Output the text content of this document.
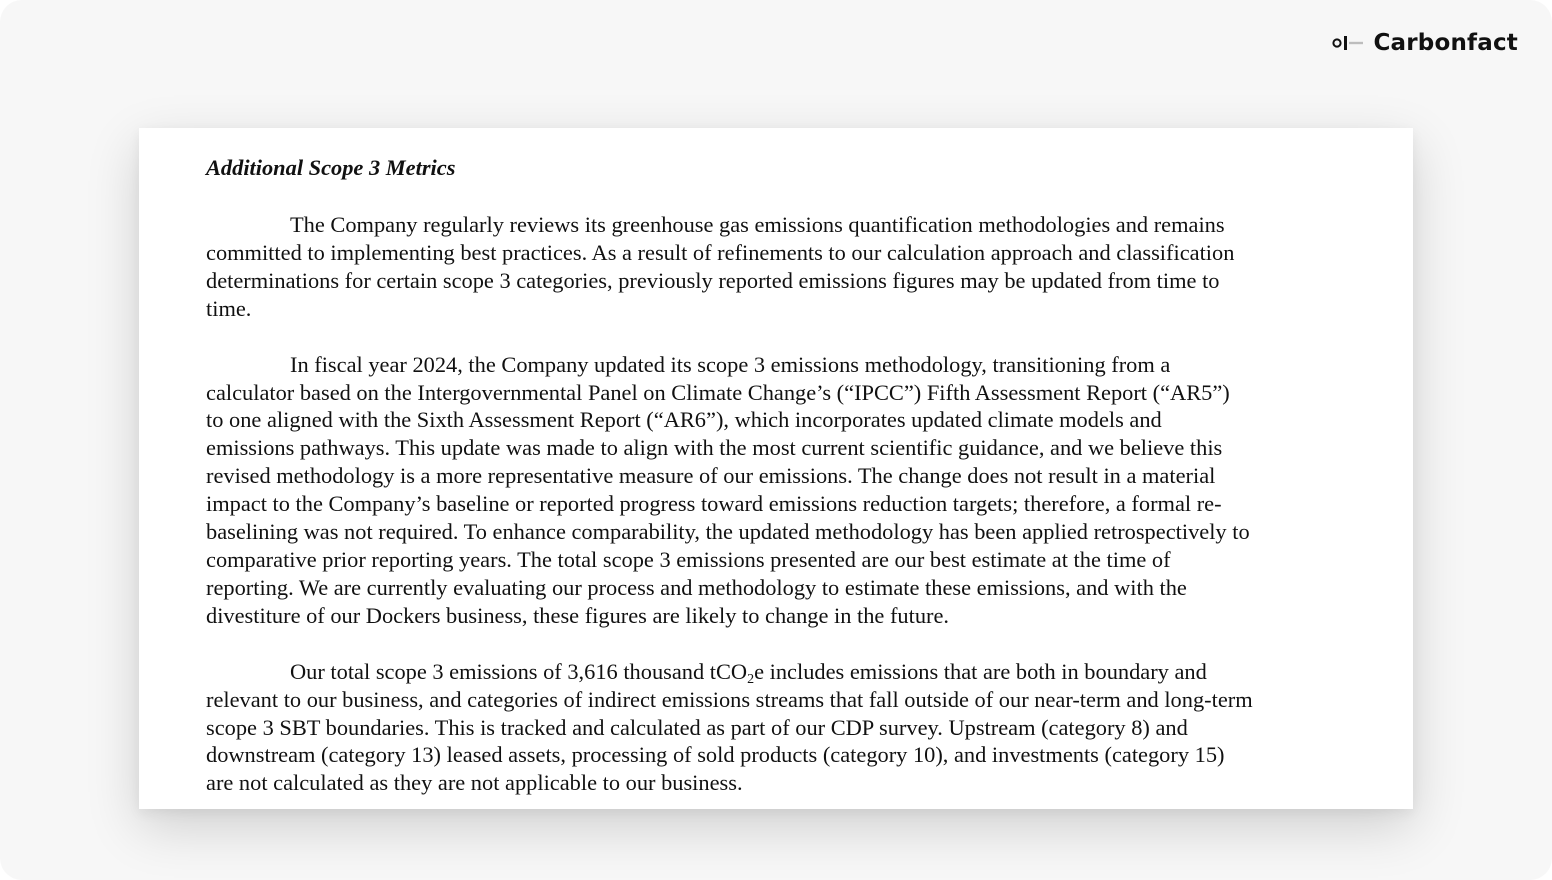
Carbonfact
Additional Scope 3 Metrics
The Company regularly reviews its greenhouse gas emissions quantification methodologies and remains
committed to implementing best practices. As a result of refinements to our calculation approach and classification
determinations for certain scope 3 categories, previously reported emissions figures may be updated from time to
time.
In fiscal year 2024, the Company updated its scope 3 emissions methodology, transitioning from a
calculator based on the Intergovernmental Panel on Climate Change’s (“IPCC”) Fifth Assessment Report (“AR5”)
to one aligned with the Sixth Assessment Report (“AR6”), which incorporates updated climate models and
emissions pathways. This update was made to align with the most current scientific guidance, and we believe this
revised methodology is a more representative measure of our emissions. The change does not result in a material
impact to the Company’s baseline or reported progress toward emissions reduction targets; therefore, a formal re-
baselining was not required. To enhance comparability, the updated methodology has been applied retrospectively to
comparative prior reporting years. The total scope 3 emissions presented are our best estimate at the time of
reporting. We are currently evaluating our process and methodology to estimate these emissions, and with the
divestiture of our Dockers business, these figures are likely to change in the future.
Our total scope 3 emissions of 3,616 thousand tCO$_2$e includes emissions that are both in boundary and
relevant to our business, and categories of indirect emissions streams that fall outside of our near-term and long-term
scope 3 SBT boundaries. This is tracked and calculated as part of our CDP survey. Upstream (category 8) and
downstream (category 13) leased assets, processing of sold products (category 10), and investments (category 15)
are not calculated as they are not applicable to our business.
